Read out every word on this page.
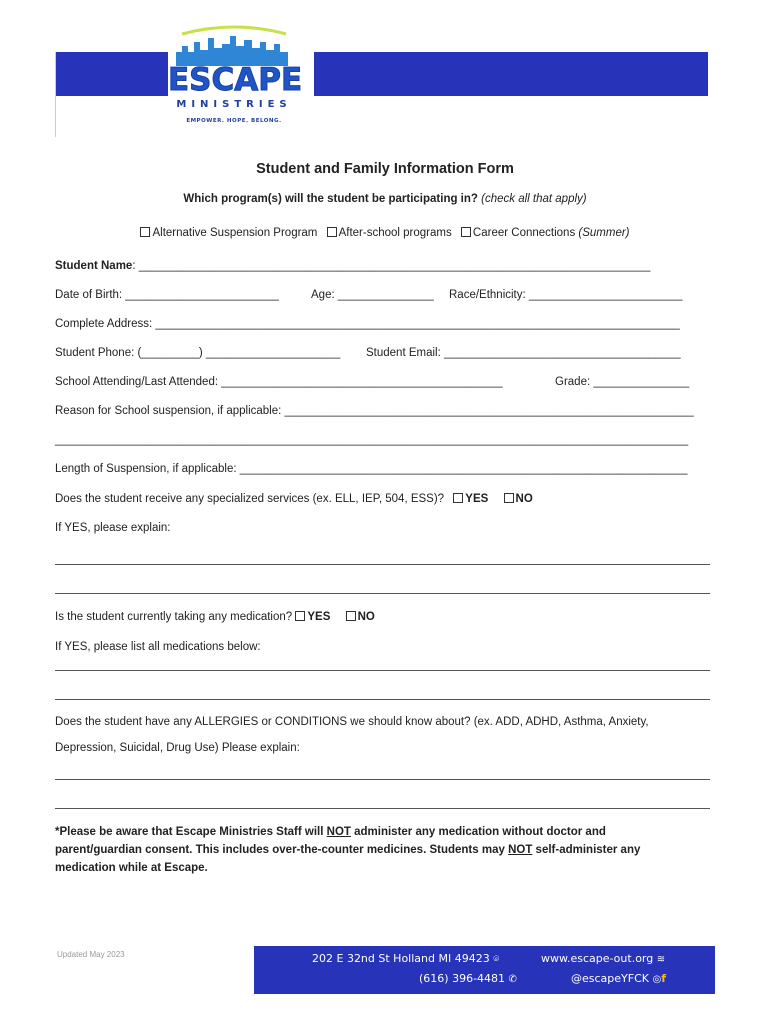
ESCAPE
MINISTRIES
EMPOWER. HOPE. BELONG.
Student and Family Information Form
Which program(s) will the student be participating in? (check all that apply)
Alternative Suspension Program After-school programs Career Connections (Summer)
Student Name: ________________________________________________________________________________
Date of Birth: ________________________	Age: _______________ Race/Ethnicity: ________________________
Complete Address: __________________________________________________________________________________
Student Phone: (_________) _____________________ Student Email: _____________________________________
School Attending/Last Attended: ____________________________________________	Grade: _______________
Reason for School suspension, if applicable: ________________________________________________________________
___________________________________________________________________________________________________
Length of Suspension, if applicable: ______________________________________________________________________
Does the student receive any specialized services (ex. ELL, IEP, 504, ESS)? YES NO
If YES, please explain:
Is the student currently taking any medication? YES NO
If YES, please list all medications below:
Does the student have any ALLERGIES or CONDITIONS we should know about? (ex. ADD, ADHD, Asthma, Anxiety,
Depression, Suicidal, Drug Use) Please explain:
*Please be aware that Escape Ministries Staff will NOT administer any medication without doctor and parent/guardian consent. This includes over-the-counter medicines. Students may NOT self-administer any medication while at Escape.
Updated May 2023	202 E 32nd St Holland MI 49423 ⌾
(616) 396-4481 ✆
www.escape-out.org ≋
@escapeYFCK ◎f
